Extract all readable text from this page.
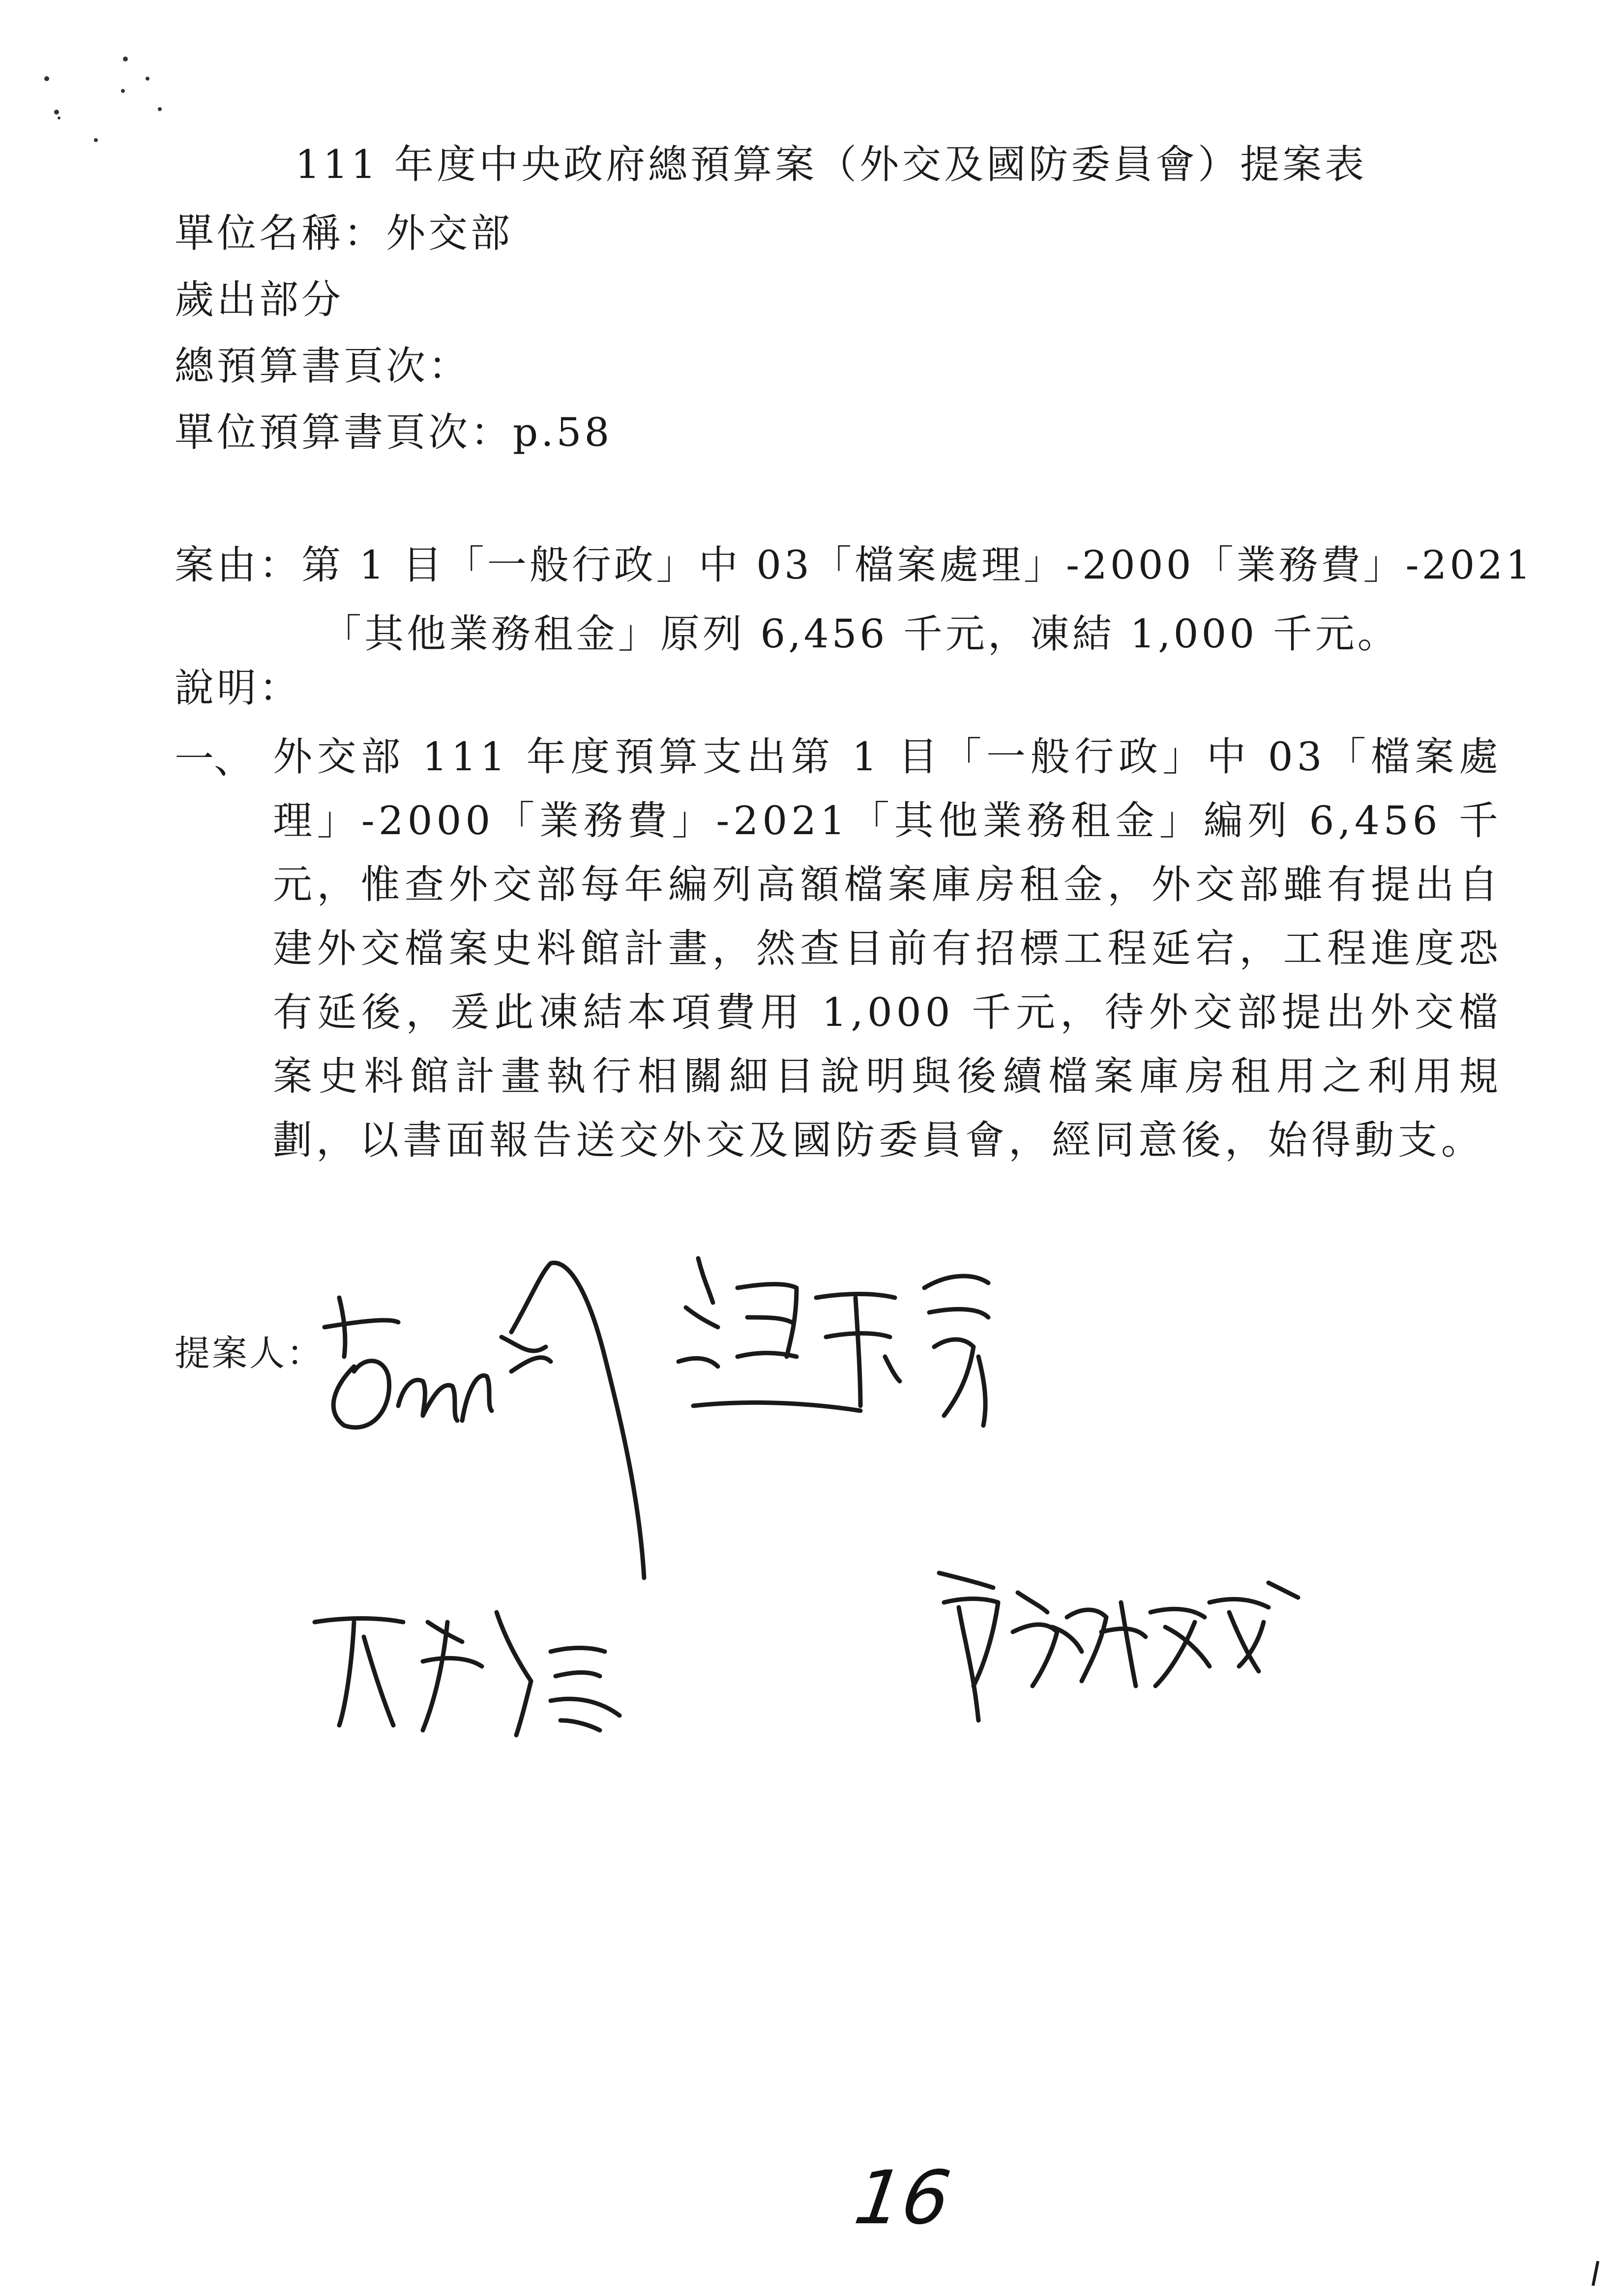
111 年度中央政府總預算案（外交及國防委員會）提案表
單位名稱：外交部
歲出部分
總預算書頁次：
單位預算書頁次：p.58
案由：第 1 目「一般行政」中 03「檔案處理」-2000「業務費」-2021
「其他業務租金」原列 6,456 千元，凍結 1,000 千元。
說明：
一、 外交部 111 年度預算支出第 1 目「一般行政」中 03「檔案處理」-2000「業務費」-2021「其他業務租金」編列 6,456 千元，惟查外交部每年編列高額檔案庫房租金，外交部雖有提出自建外交檔案史料館計畫，然查目前有招標工程延宕，工程進度恐有延後，爰此凍結本項費用 1,000 千元，待外交部提出外交檔案史料館計畫執行相關細目說明與後續檔案庫房租用之利用規劃，以書面報告送交外交及國防委員會，經同意後，始得動支。
提案人：
16
